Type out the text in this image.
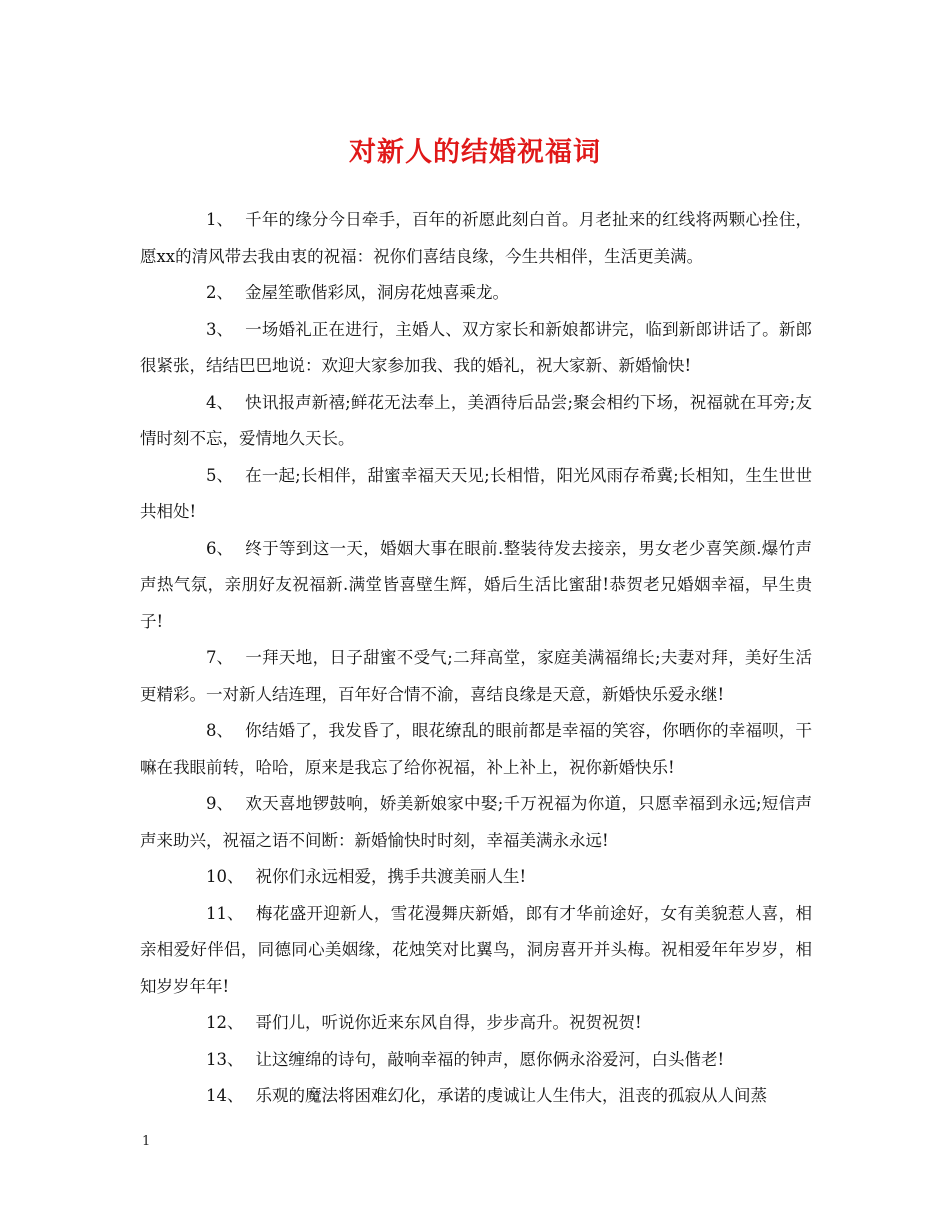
对新人的结婚祝福词

1、 千年的缘分今日牵手，百年的祈愿此刻白首。月老扯来的红线将两颗心拴住，愿xx的清风带去我由衷的祝福：祝你们喜结良缘，今生共相伴，生活更美满。

2、 金屋笙歌偕彩凤，洞房花烛喜乘龙。

3、 一场婚礼正在进行，主婚人、双方家长和新娘都讲完，临到新郎讲话了。新郎很紧张，结结巴巴地说：欢迎大家参加我、我的婚礼，祝大家新、新婚愉快!

4、 快讯报声新禧;鲜花无法奉上，美酒待后品尝;聚会相约下场，祝福就在耳旁;友情时刻不忘，爱情地久天长。

5、 在一起;长相伴，甜蜜幸福天天见;长相惜，阳光风雨存希冀;长相知，生生世世共相处!

6、 终于等到这一天，婚姻大事在眼前.整装待发去接亲，男女老少喜笑颜.爆竹声声热气氛，亲朋好友祝福新.满堂皆喜壁生辉，婚后生活比蜜甜!恭贺老兄婚姻幸福，早生贵子!

7、 一拜天地，日子甜蜜不受气;二拜高堂，家庭美满福绵长;夫妻对拜，美好生活更精彩。一对新人结连理，百年好合情不渝，喜结良缘是天意，新婚快乐爱永继!

8、 你结婚了，我发昏了，眼花缭乱的眼前都是幸福的笑容，你晒你的幸福呗，干嘛在我眼前转，哈哈，原来是我忘了给你祝福，补上补上，祝你新婚快乐!

9、 欢天喜地锣鼓响，娇美新娘家中娶;千万祝福为你道，只愿幸福到永远;短信声声来助兴，祝福之语不间断：新婚愉快时时刻，幸福美满永永远!

10、 祝你们永远相爱，携手共渡美丽人生!

11、 梅花盛开迎新人，雪花漫舞庆新婚，郎有才华前途好，女有美貌惹人喜，相亲相爱好伴侣，同德同心美姻缘，花烛笑对比翼鸟，洞房喜开并头梅。祝相爱年年岁岁，相知岁岁年年!

12、 哥们儿，听说你近来东风自得，步步高升。祝贺祝贺!

13、 让这缠绵的诗句，敲响幸福的钟声，愿你俩永浴爱河，白头偕老!

14、 乐观的魔法将困难幻化，承诺的虔诚让人生伟大，沮丧的孤寂从人间蒸

1
